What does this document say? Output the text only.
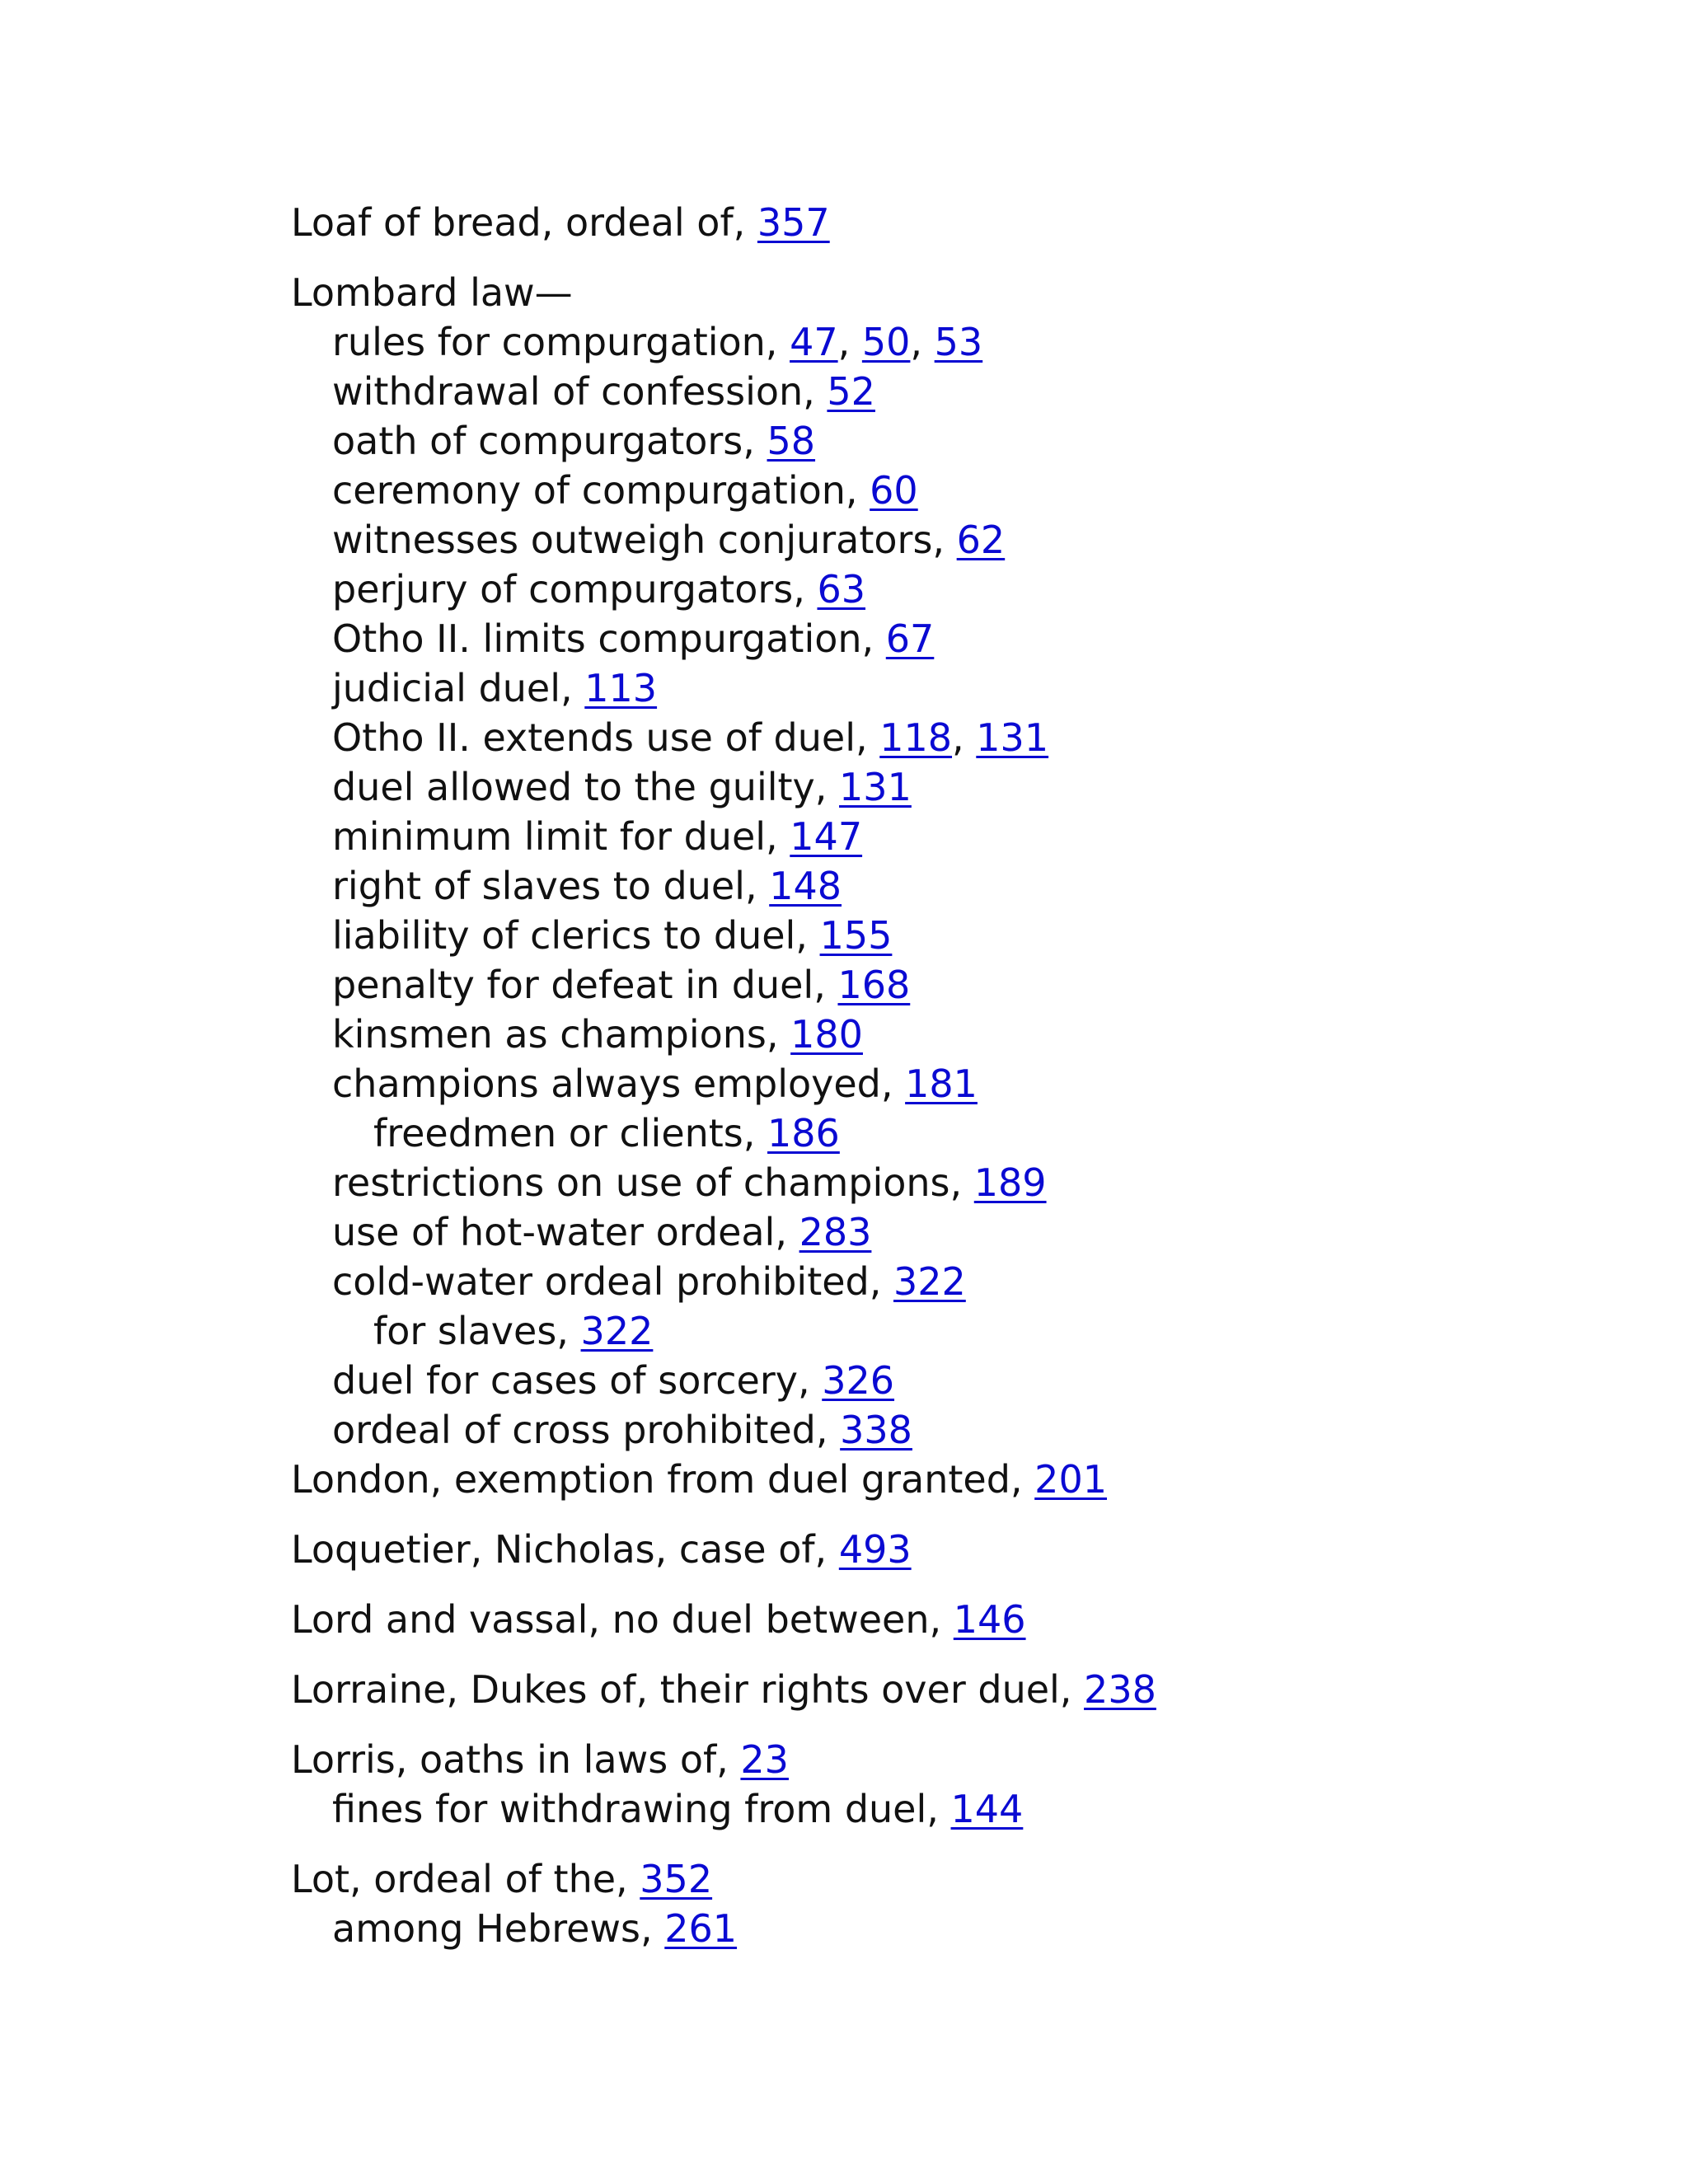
Loaf of bread, ordeal of, 357
Lombard law—
rules for compurgation, 47, 50, 53
withdrawal of confession, 52
oath of compurgators, 58
ceremony of compurgation, 60
witnesses outweigh conjurators, 62
perjury of compurgators, 63
Otho II. limits compurgation, 67
judicial duel, 113
Otho II. extends use of duel, 118, 131
duel allowed to the guilty, 131
minimum limit for duel, 147
right of slaves to duel, 148
liability of clerics to duel, 155
penalty for defeat in duel, 168
kinsmen as champions, 180
champions always employed, 181
freedmen or clients, 186
restrictions on use of champions, 189
use of hot-water ordeal, 283
cold-water ordeal prohibited, 322
for slaves, 322
duel for cases of sorcery, 326
ordeal of cross prohibited, 338
London, exemption from duel granted, 201
Loquetier, Nicholas, case of, 493
Lord and vassal, no duel between, 146
Lorraine, Dukes of, their rights over duel, 238
Lorris, oaths in laws of, 23
fines for withdrawing from duel, 144
Lot, ordeal of the, 352
among Hebrews, 261
